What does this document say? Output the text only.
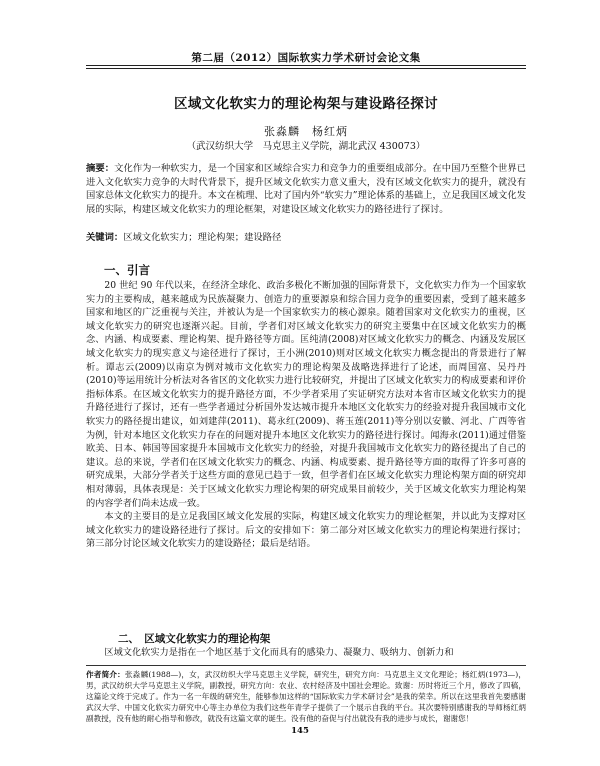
第二届（2012）国际软实力学术研讨会论文集
区域文化软实力的理论构架与建设路径探讨
张淼麟　杨红炳
（武汉纺织大学　马克思主义学院，湖北武汉 430073）
摘要：文化作为一种软实力，是一个国家和区域综合实力和竞争力的重要组成部分。在中国乃至整个世界已进入文化软实力竞争的大时代背景下，提升区域文化软实力意义重大，没有区域文化软实力的提升，就没有国家总体文化软实力的提升。本文在梳理、比对了国内外“软实力”理论体系的基础上，立足我国区域文化发展的实际，构建区域文化软实力的理论框架，对建设区域文化软实力的路径进行了探讨。
关键词：区域文化软实力；理论构架；建设路径
一、引言

20 世纪 90 年代以来，在经济全球化、政治多极化不断加强的国际背景下，文化软实力作为一个国家软实力的主要构成，越来越成为民族凝聚力、创造力的重要源泉和综合国力竞争的重要因素，受到了越来越多国家和地区的广泛重视与关注，并被认为是一个国家软实力的核心源泉。随着国家对文化软实力的重视，区域文化软实力的研究也逐渐兴起。目前，学者们对区域文化软实力的研究主要集中在区域文化软实力的概念、内涵、构成要素、理论构架、提升路径等方面。匡纯清(2008)对区域文化软实力的概念、内涵及发展区域文化软实力的现实意义与途径进行了探讨，王小洲(2010)则对区域文化软实力概念提出的背景进行了解析。谭志云(2009)以南京为例对城市文化软实力的理论构架及战略选择进行了论述，而周国富、吴丹丹(2010)等运用统计分析法对各省区的文化软实力进行比较研究，并提出了区域文化软实力的构成要素和评价指标体系。在区域文化软实力的提升路径方面，不少学者采用了实证研究方法对本省市区域文化软实力的提升路径进行了探讨，还有一些学者通过分析国外发达城市提升本地区文化软实力的经验对提升我国城市文化软实力的路径提出建议，如刘建萍(2011)、葛永红(2009)、蒋玉莲(2011)等分别以安徽、河北、广西等省为例，针对本地区文化软实力存在的问题对提升本地区文化软实力的路径进行探讨。闻海永(2011)通过借鉴欧美、日本、韩国等国家提升本国城市文化软实力的经验，对提升我国城市文化软实力的路径提出了自己的建议。总的来说，学者们在区域文化软实力的概念、内涵、构成要素、提升路径等方面的取得了许多可喜的研究成果，大部分学者关于这些方面的意见已趋于一致，但学者们在区域文化软实力理论构架方面的研究却相对薄弱，具体表现是：关于区域文化软实力理论构架的研究成果目前较少，关于区域文化软实力理论构架的内容学者们尚未达成一致。

本文的主要目的是立足我国区域文化发展的实际，构建区域文化软实力的理论框架，并以此为支撑对区域文化软实力的建设路径进行了探讨。后文的安排如下：第二部分对区域文化软实力的理论构架进行探讨；第三部分讨论区域文化软实力的建设路径；最后是结语。

二、　区域文化软实力的理论构架
区域文化软实力是指在一个地区基于文化而具有的感染力、凝聚力、吸纳力、创新力和
作者简介：张淼麟(1988—)，女，武汉纺织大学马克思主义学院，研究生，研究方向：马克思主义文化理论；杨红炳(1973—)，男，武汉纺织大学马克思主义学院，副教授，研究方向：农业、农村经济及中国社会理论。致谢：历时将近三个月，修改了四稿，这篇论文终于完成了。作为一名一年级的研究生，能够参加这样的“国际软实力学术研讨会”是我的荣幸。所以在这里我首先要感谢武汉大学、中国文化软实力研究中心等主办单位为我们这些年青学子提供了一个展示自我的平台。其次要特别感谢我的导师杨红炳副教授，没有他的耐心指导和修改，就没有这篇文章的诞生。没有他的奋促与付出就没有我的进步与成长，谢谢您！
145
